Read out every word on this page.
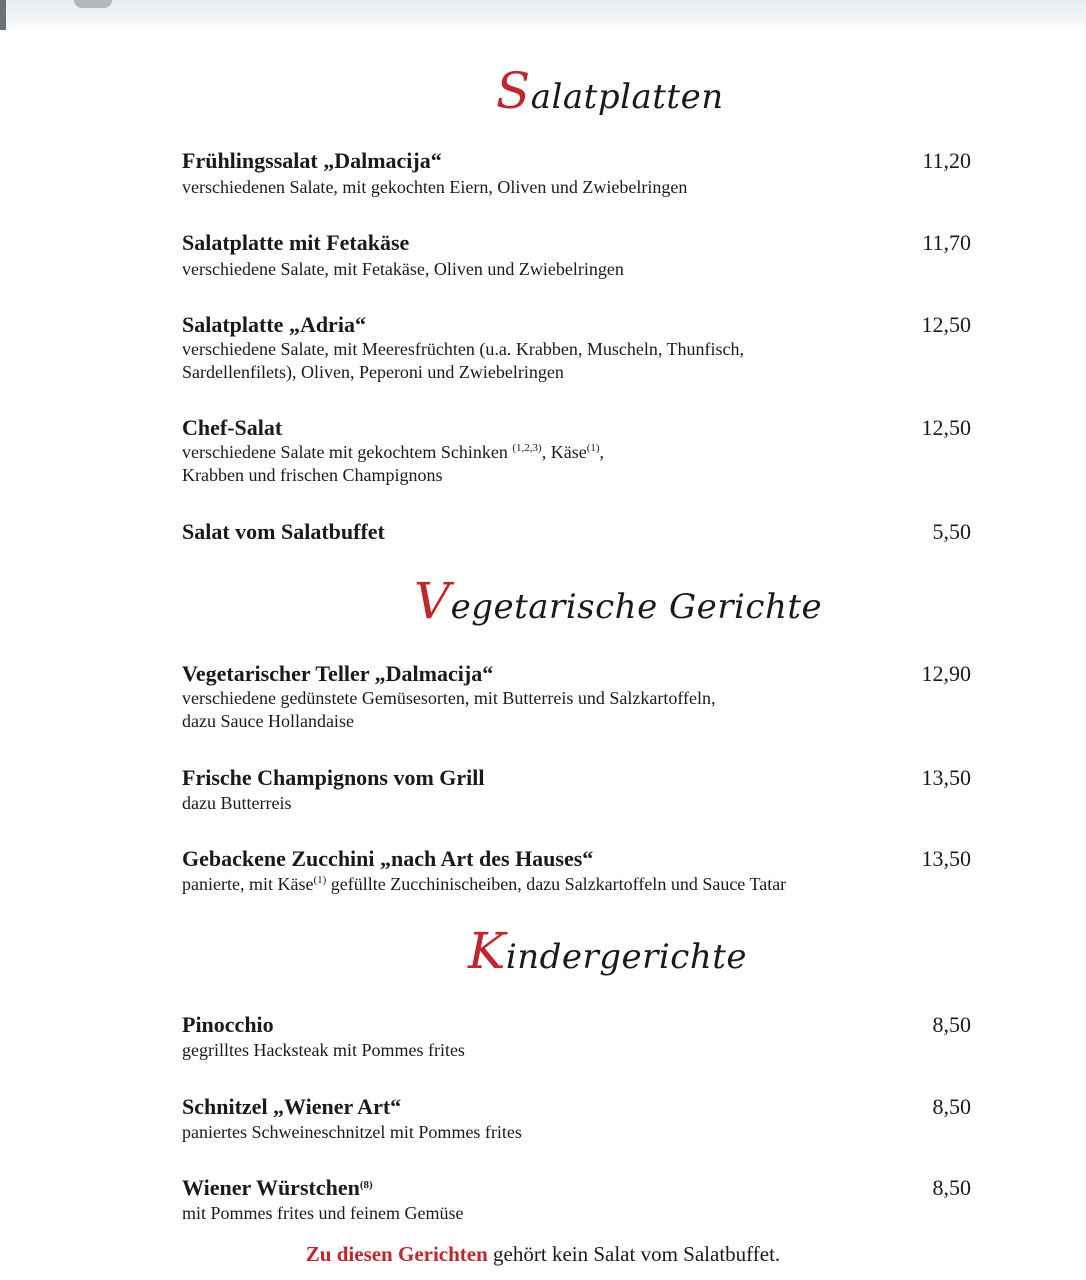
Salatplatten
Frühlingssalat „Dalmacija“	11,20
verschiedenen Salate, mit gekochten Eiern, Oliven und Zwiebelringen
Salatplatte mit Fetakäse	11,70
verschiedene Salate, mit Fetakäse, Oliven und Zwiebelringen
Salatplatte „Adria“	12,50
verschiedene Salate, mit Meeresfrüchten (u.a. Krabben, Muscheln, Thunfisch,
Sardellenfilets), Oliven, Peperoni und Zwiebelringen
Chef-Salat	12,50
verschiedene Salate mit gekochtem Schinken $^{(1,2,3)}$, Käse$^{(1)}$,
Krabben und frischen Champignons
Salat vom Salatbuffet	5,50
Vegetarische Gerichte
Vegetarischer Teller „Dalmacija“	12,90
verschiedene gedünstete Gemüsesorten, mit Butterreis und Salzkartoffeln,
dazu Sauce Hollandaise
Frische Champignons vom Grill	13,50
dazu Butterreis
Gebackene Zucchini „nach Art des Hauses“	13,50
panierte, mit Käse$^{(1)}$ gefüllte Zucchinischeiben, dazu Salzkartoffeln und Sauce Tatar
Kindergerichte
Pinocchio	8,50
gegrilltes Hacksteak mit Pommes frites
Schnitzel „Wiener Art“	8,50
paniertes Schweineschnitzel mit Pommes frites
Wiener Würstchen$^{(8)}$	8,50
mit Pommes frites und feinem Gemüse
Zu diesen Gerichten gehört kein Salat vom Salatbuffet.
